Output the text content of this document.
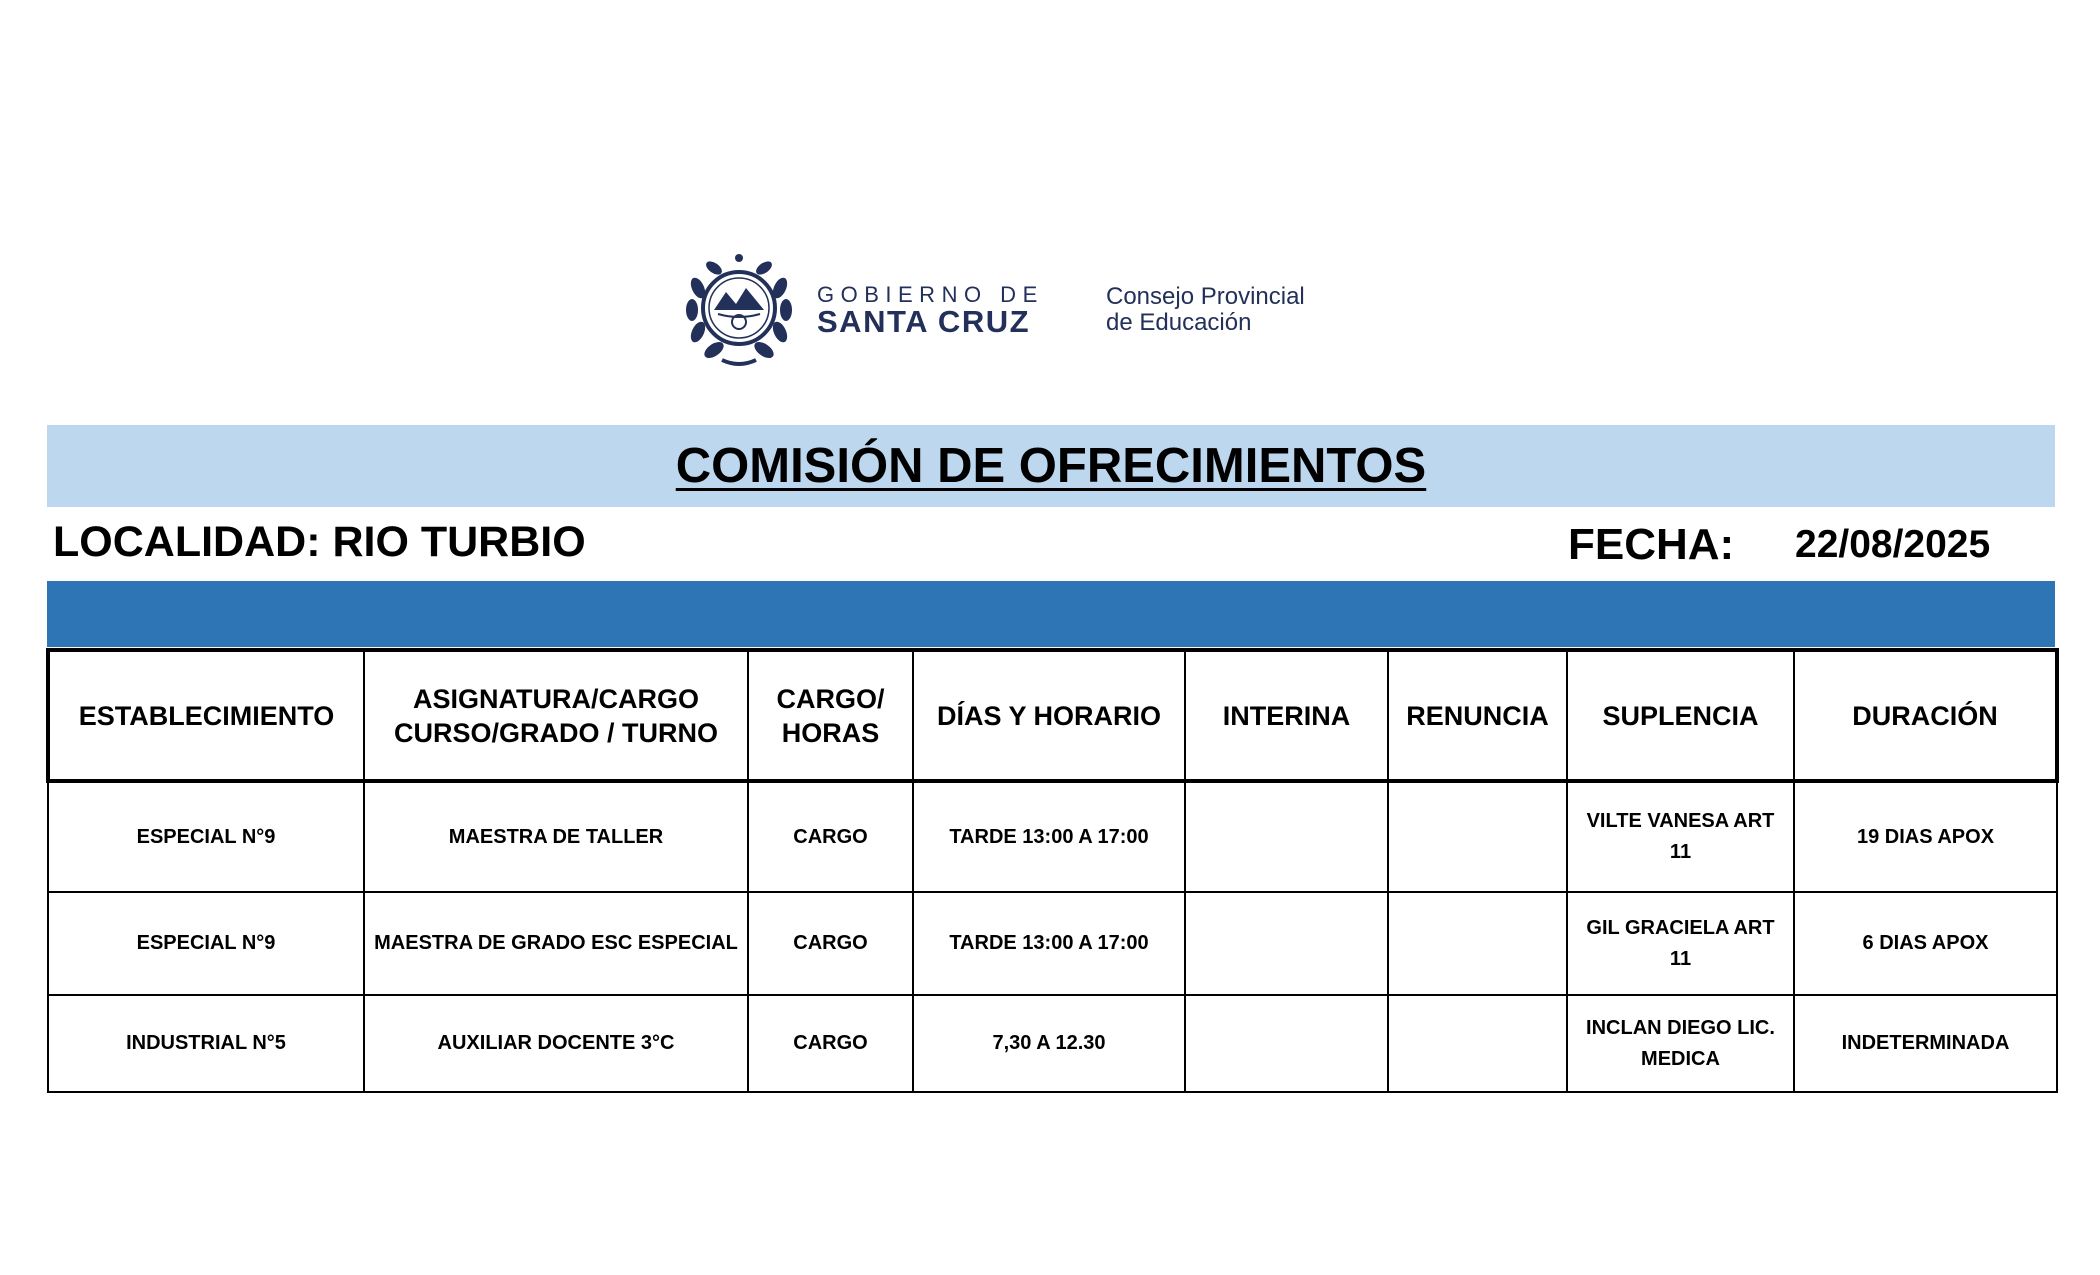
GOBIERNO DE
SANTA CRUZ
Consejo Provincial
de Educación
COMISIÓN DE OFRECIMIENTOS
LOCALIDAD: RIO TURBIO	FECHA: 22/08/2025
ESTABLECIMIENTO	ASIGNATURA/CARGO CURSO/GRADO / TURNO	CARGO/ HORAS	DÍAS Y HORARIO	INTERINA	RENUNCIA	SUPLENCIA	DURACIÓN
ESPECIAL N°9	MAESTRA DE TALLER	CARGO	TARDE 13:00 A 17:00			VILTE VANESA ART 11	19 DIAS APOX
ESPECIAL N°9	MAESTRA DE GRADO ESC ESPECIAL	CARGO	TARDE 13:00 A 17:00			GIL GRACIELA ART 11	6 DIAS APOX
INDUSTRIAL N°5	AUXILIAR DOCENTE 3°C	CARGO	7,30 A 12.30			INCLAN DIEGO LIC. MEDICA	INDETERMINADA
